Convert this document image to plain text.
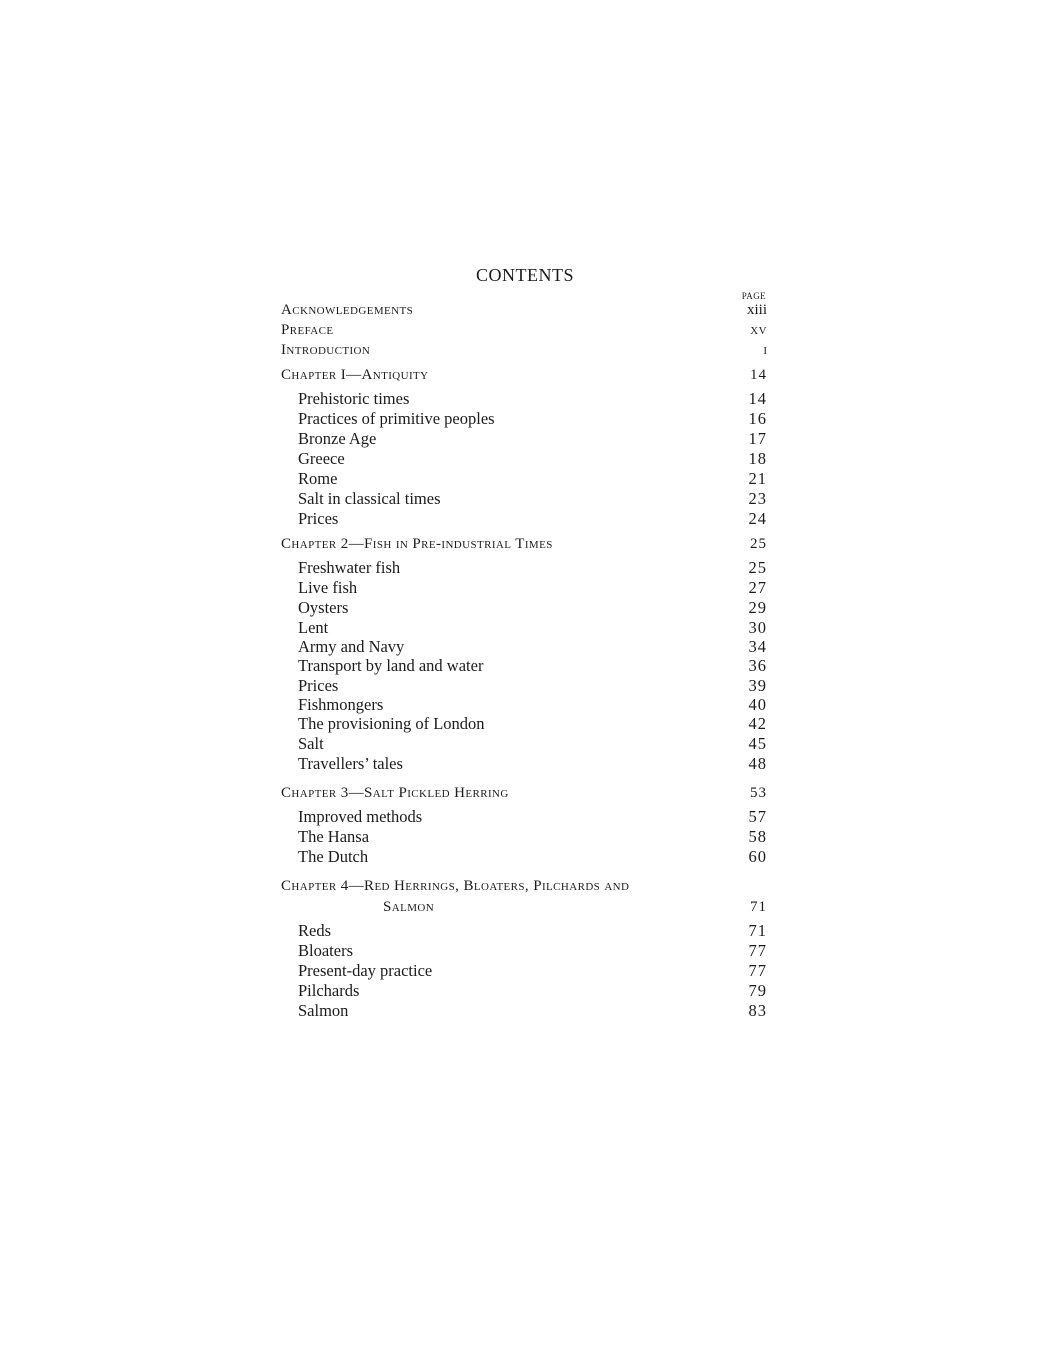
CONTENTS
PAGE
Acknowledgements	xiii
Preface	xv
Introduction	I
Chapter I—Antiquity	14
Prehistoric times	14
Practices of primitive peoples	16
Bronze Age	17
Greece	18
Rome	21
Salt in classical times	23
Prices	24
Chapter 2—Fish in Pre-industrial Times	25
Freshwater fish	25
Live fish	27
Oysters	29
Lent	30
Army and Navy	34
Transport by land and water	36
Prices	39
Fishmongers	40
The provisioning of London	42
Salt	45
Travellers’ tales	48
Chapter 3—Salt Pickled Herring	53
Improved methods	57
The Hansa	58
The Dutch	60
Chapter 4—Red Herrings, Bloaters, Pilchards and
Salmon	71
Reds	71
Bloaters	77
Present-day practice	77
Pilchards	79
Salmon	83
